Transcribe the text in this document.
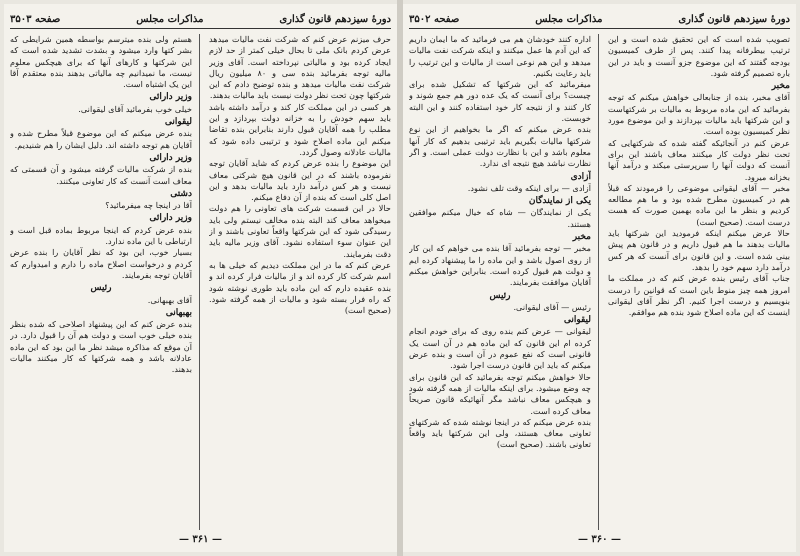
دورهٔ سیزدهم قانون گذاری
مذاکرات مجلس
صفحه ۳۵۰۳

حرف میزنم عرض کنم که شرکت نفت مالیات میدهد عرض کردم بانک ملی تا بحال خیلی کمتر از حد لازم ایجاد کرده بود و مالیاتی نپرداخته است. آقای وزیر مالیه توجه بفرمائید بنده سی و ۸۰ میلیون ریال شرکت نفت مالیات میدهد و بنده توضیح دادم که این شرکتها چون تحت نظر دولت نیست باید مالیات بدهند.

هر کسی در این مملکت کار کند و درآمد داشته باشد باید سهم خودش را به خزانه دولت بپردازد و این مطلب را همه آقایان قبول دارند بنابراین بنده تقاضا میکنم این ماده اصلاح شود و ترتیبی داده شود که مالیات عادلانه وصول گردد.

این موضوع را بنده عرض کردم که شاید آقایان توجه نفرموده باشند که در این قانون هیچ شرکتی معاف نیست و هر کس درآمد دارد باید مالیات بدهد و این اصل کلی است که بنده از آن دفاع میکنم.

حالا در این قسمت شرکت های تعاونی را هم دولت میخواهد معاف کند البته بنده مخالف نیستم ولی باید رسیدگی شود که این شرکتها واقعاً تعاونی باشند و از این عنوان سوء استفاده نشود. آقای وزیر مالیه باید دقت بفرمایند.

عرض کنم که ما در این مملکت دیدیم که خیلی ها به اسم شرکت کار کرده اند و از مالیات فرار کرده اند و بنده عقیده دارم که این ماده باید طوری نوشته شود که راه فرار بسته شود و مالیات از همه گرفته شود. (صحیح است)

هستم ولی بنده میترسم بواسطه همین شرایطی که بشر کتها وارد میشود و بشدت تشدید شده است که این شرکتها و کارهای آنها که برای هیچکس معلوم نیست، ما نمیدانیم چه مالیاتی بدهند بنده معتقدم آقا این یک اشتباه است.

وزیر دارائی

خیلی خوب بفرمائید آقای لیقوانی.

لیقوانی

بنده عرض میکنم که این موضوع قبلاً مطرح شده و آقایان هم توجه داشته اند. دلیل ایشان را هم شنیدیم.

وزیر دارائی

بنده از شرکت مالیات گرفته میشود و آن قسمتی که معاف است آنست که کار تعاونی میکنند.

دشتی

آقا در اینجا چه میفرمائید؟

وزیر دارائی

بنده عرض کردم که اینجا مربوط بماده قبل است و ارتباطی با این ماده ندارد.

بسیار خوب، این بود که نظر آقایان را بنده عرض کردم و درخواست اصلاح ماده را دارم و امیدوارم که آقایان توجه بفرمایند.

رئیس

آقای بهبهانی.

بهبهانی

بنده عرض کنم که این پیشنهاد اصلاحی که شده بنظر بنده خیلی خوب است و دولت هم آن را قبول دارد. در آن موقع که مذاکره میشد نظر ما این بود که این ماده عادلانه باشد و همه شرکتها که کار میکنند مالیات بدهند.

— ۳۶۱ —
دورهٔ سیزدهم قانون گذاری
مذاکرات مجلس
صفحه ۳۵۰۲

تصویب شده است که این تحقیق شده است و این ترتیب بیطرفانه پیدا کنند. پس از طرف کمیسیون بودجه گفتند که این موضوع جزو آنست و باید در این باره تصمیم گرفته شود.

مخبر

آقای مخبر، بنده از جنابعالی خواهش میکنم که توجه بفرمائید که این ماده مربوط به مالیات بر شرکتهاست و این شرکتها باید مالیات بپردازند و این موضوع مورد نظر کمیسیون بوده است.

عرض کنم در آنجائیکه گفته شده که شرکتهایی که تحت نظر دولت کار میکنند معاف باشند این برای آنست که دولت آنها را سرپرستی میکند و درآمد آنها بخزانه میرود.

مخبر — آقای لیقوانی موضوعی را فرمودند که قبلاً هم در کمیسیون مطرح شده بود و ما هم مطالعه کردیم و بنظر ما این ماده بهمین صورت که هست درست است. (صحیح است)

حالا عرض میکنم اینکه فرمودید این شرکتها باید مالیات بدهند ما هم قبول داریم و در قانون هم پیش بینی شده است. و این قانون برای آنست که هر کس درآمد دارد سهم خود را بدهد.

جناب آقای رئیس بنده عرض کنم که در مملکت ما امروز همه چیز منوط باین است که قوانین را درست بنویسیم و درست اجرا کنیم. اگر نظر آقای لیقوانی اینست که این ماده اصلاح شود بنده هم موافقم.

اداره کنند خودشان هم می فرمائید که ما ایمان داریم که این آدم ها عمل میکنند و اینکه شرکت نفت مالیات میدهد و این هم نوعی است از مالیات و این ترتیب را باید رعایت بکنیم.

میفرمائید که این شرکتها که تشکیل شده برای چیست؟ برای آنست که یک عده دور هم جمع شوند و کار کنند و از نتیجه کار خود استفاده کنند و این البته خوبست.

بنده عرض میکنم که اگر ما بخواهیم از این نوع شرکتها مالیات بگیریم باید ترتیبی بدهیم که کار آنها معلوم باشد و این با نظارت دولت عملی است. و اگر نظارت نباشد هیچ نتیجه ای ندارد.

آزادی

آزادی — برای اینکه وقت تلف نشود.

یکی از نمایندگان

یکی از نمایندگان — شاه که خیال میکنم موافقین هستند.

مخبر

مخبر — توجه بفرمائید آقا بنده می خواهم که این کار از روی اصول باشد و این ماده را ما پیشنهاد کرده ایم و دولت هم قبول کرده است. بنابراین خواهش میکنم آقایان موافقت بفرمایند.

رئیس

رئیس — آقای لیقوانی.

لیقوانی

لیقوانی — عرض کنم بنده روی که برای خودم انجام کرده ام این قانون که این ماده هم در آن است یک قانونی است که نفع عموم در آن است و بنده عرض میکنم که باید این قانون درست اجرا شود.

حالا خواهش میکنم توجه بفرمائید که این قانون برای چه وضع میشود. برای اینکه مالیات از همه گرفته شود و هیچکس معاف نباشد مگر آنهائیکه قانون صریحاً معاف کرده است.

بنده عرض میکنم که در اینجا نوشته شده که شرکتهای تعاونی معاف هستند، ولی این شرکتها باید واقعاً تعاونی باشند. (صحیح است)

— ۳۶۰ —
